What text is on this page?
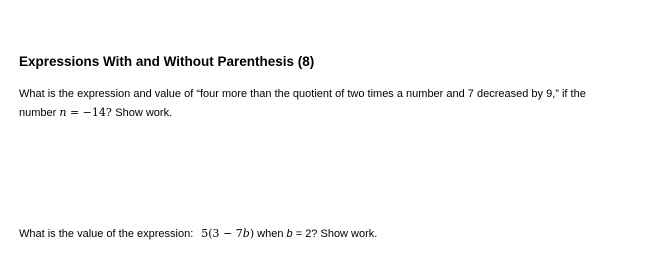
Expressions With and Without Parenthesis (8)
What is the expression and value of “four more than the quotient of two times a number and 7 decreased by 9,” if the
number n = −14? Show work.
What is the value of the expression: 5(3 − 7b) when b = 2? Show work.
